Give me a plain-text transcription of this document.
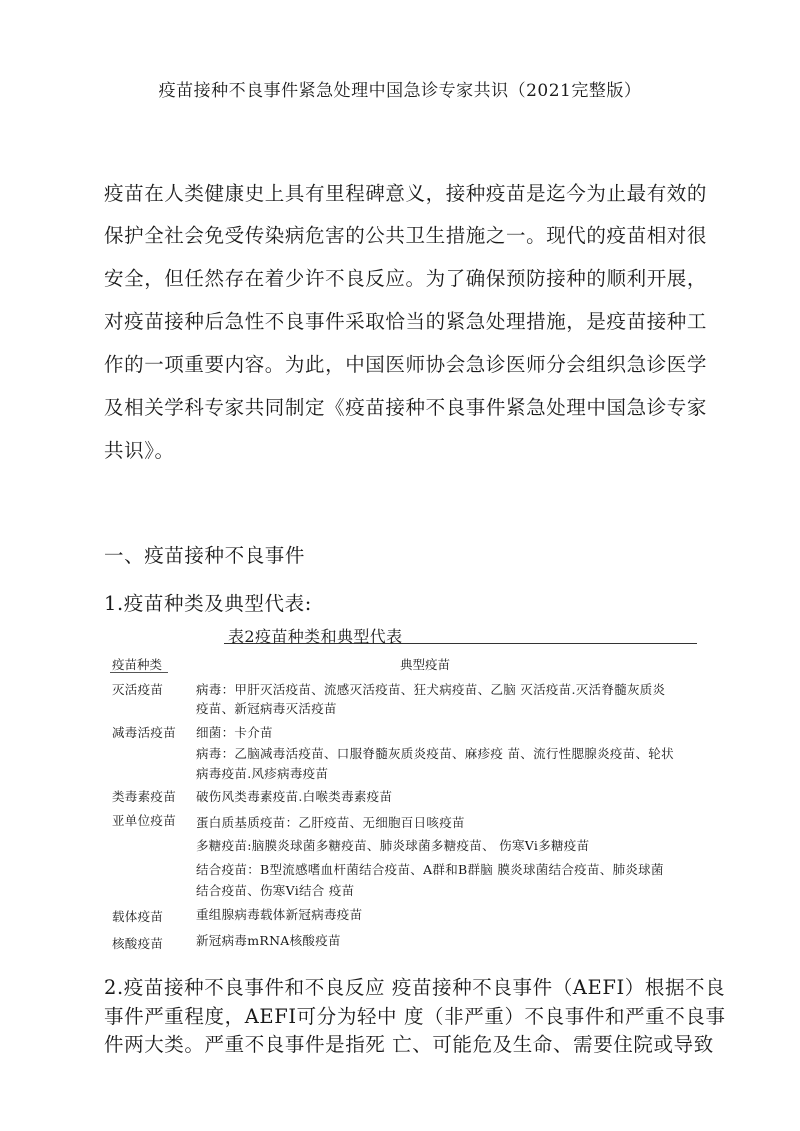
疫苗接种不良事件紧急处理中国急诊专家共识（2021完整版）
疫苗在人类健康史上具有里程碑意义，接种疫苗是迄今为止最有效的
保护全社会免受传染病危害的公共卫生措施之一。现代的疫苗相对很
安全，但任然存在着少许不良反应。为了确保预防接种的顺利开展，
对疫苗接种后急性不良事件采取恰当的紧急处理措施，是疫苗接种工
作的一项重要内容。为此，中国医师协会急诊医师分会组织急诊医学
及相关学科专家共同制定《疫苗接种不良事件紧急处理中国急诊专家
共识》。
一、疫苗接种不良事件
1.疫苗种类及典型代表:
表2疫苗种类和典型代表
疫苗种类	典型疫苗
灭活疫苗	病毒：甲肝灭活疫苗、流感灭活疫苗、狂犬病疫苗、乙脑 灭活疫苗.灭活脊髓灰质炎
疫苗、新冠病毒灭活疫苗
减毒活疫苗 细菌：卡介苗
病毒：乙脑减毒活疫苗、口服脊髓灰质炎疫苗、麻疹疫 苗、流行性腮腺炎疫苗、轮状
病毒疫苗.风疹病毒疫苗
类毒素疫苗 破伤风类毒素疫苗.白喉类毒素疫苗
亚单位疫苗 蛋白质基质疫苗：乙肝疫苗、无细胞百日咳疫苗
多糖疫苗:脑膜炎球菌多糖疫苗、肺炎球菌多糖疫苗、 伤寒Vi多糖疫苗
结合疫苗：B型流感嗜血杆菌结合疫苗、A群和B群脑 膜炎球菌结合疫苗、肺炎球菌
结合疫苗、伤寒Vi结合 疫苗
载体疫苗	重组腺病毒载体新冠病毒疫苗
核酸疫苗	新冠病毒mRNA核酸疫苗
2.疫苗接种不良事件和不良反应 疫苗接种不良事件（AEFI）根据不良
事件严重程度，AEFI可分为轻中 度（非严重）不良事件和严重不良事
件两大类。严重不良事件是指死 亡、可能危及生命、需要住院或导致
